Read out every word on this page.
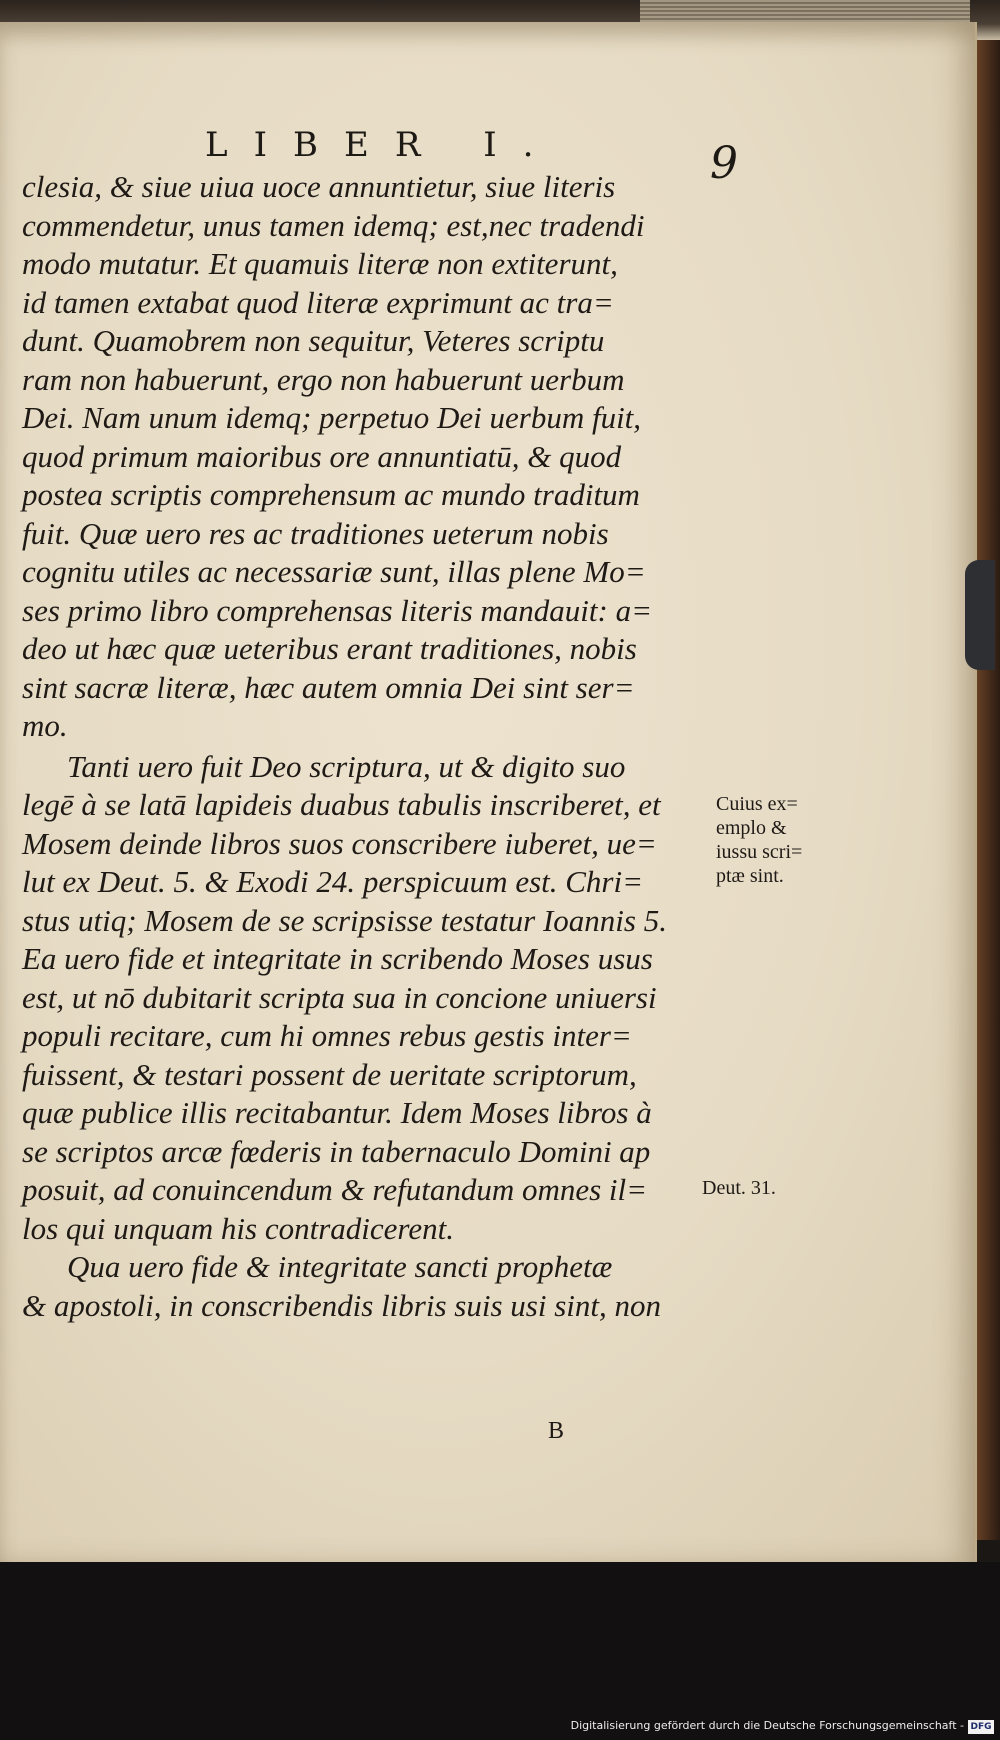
LIBER I.	9
clesia, & siue uiua uoce annuntietur, siue literis
commendetur, unus tamen idemq; est,nec tradendi
modo mutatur. Et quamuis literæ non extiterunt,
id tamen extabat quod literæ exprimunt ac tra=
dunt. Quamobrem non sequitur, Veteres scriptu
ram non habuerunt, ergo non habuerunt uerbum
Dei. Nam unum idemq; perpetuo Dei uerbum fuit,
quod primum maioribus ore annuntiatū, & quod
postea scriptis comprehensum ac mundo traditum
fuit. Quæ uero res ac traditiones ueterum nobis
cognitu utiles ac necessariæ sunt, illas plene Mo=
ses primo libro comprehensas literis mandauit: a=
deo ut hæc quæ ueteribus erant traditiones, nobis
sint sacræ literæ, hæc autem omnia Dei sint ser=
mo.
Tanti uero fuit Deo scriptura, ut & digito suo
legē à se latā lapideis duabus tabulis inscriberet, et
Mosem deinde libros suos conscribere iuberet, ue=
lut ex Deut. 5. & Exodi 24. perspicuum est. Chri=
stus utiq; Mosem de se scripsisse testatur Ioannis 5.
Ea uero fide et integritate in scribendo Moses usus
est, ut nō dubitarit scripta sua in concione uniuersi
populi recitare, cum hi omnes rebus gestis inter=
fuissent, & testari possent de ueritate scriptorum,
quæ publice illis recitabantur. Idem Moses libros à
se scriptos arcæ fœderis in tabernaculo Domini ap
posuit, ad conuincendum & refutandum omnes il=
los qui unquam his contradicerent.
Qua uero fide & integritate sancti prophetæ
& apostoli, in conscribendis libris suis usi sint, non
Cuius ex=
emplo &
iussu scri=
ptæ sint.
Deut. 31.
B
Digitalisierung gefördert durch die Deutsche Forschungsgemeinschaft - DFG
